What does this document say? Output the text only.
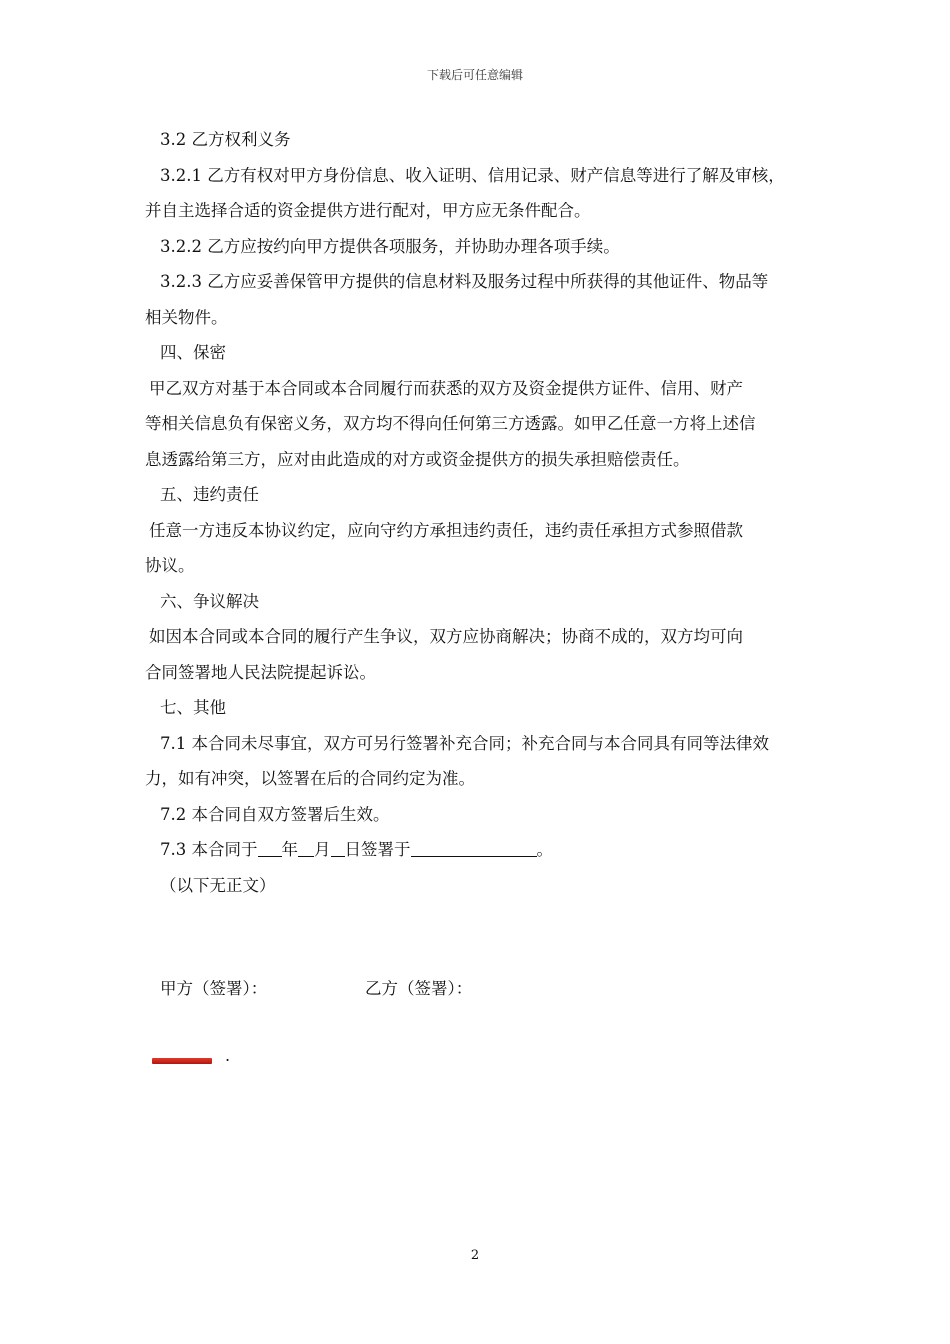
下载后可任意编辑
3.2 乙方权利义务
3.2.1 乙方有权对甲方身份信息、收入证明、信用记录、财产信息等进行了解及审核，
并自主选择合适的资金提供方进行配对，甲方应无条件配合。
3.2.2 乙方应按约向甲方提供各项服务，并协助办理各项手续。
3.2.3 乙方应妥善保管甲方提供的信息材料及服务过程中所获得的其他证件、物品等
相关物件。
四、保密
甲乙双方对基于本合同或本合同履行而获悉的双方及资金提供方证件、信用、财产
等相关信息负有保密义务，双方均不得向任何第三方透露。如甲乙任意一方将上述信
息透露给第三方，应对由此造成的对方或资金提供方的损失承担赔偿责任。
五、违约责任
任意一方违反本协议约定，应向守约方承担违约责任，违约责任承担方式参照借款
协议。
六、争议解决
如因本合同或本合同的履行产生争议，双方应协商解决；协商不成的，双方均可向
合同签署地人民法院提起诉讼。
七、其他
7.1 本合同未尽事宜，双方可另行签署补充合同；补充合同与本合同具有同等法律效
力，如有冲突，以签署在后的合同约定为准。
7.2 本合同自双方签署后生效。
7.3 本合同于 年 月 日签署于	。
（以下无正文）
甲方（签署）：	乙方（签署）：
.
2
